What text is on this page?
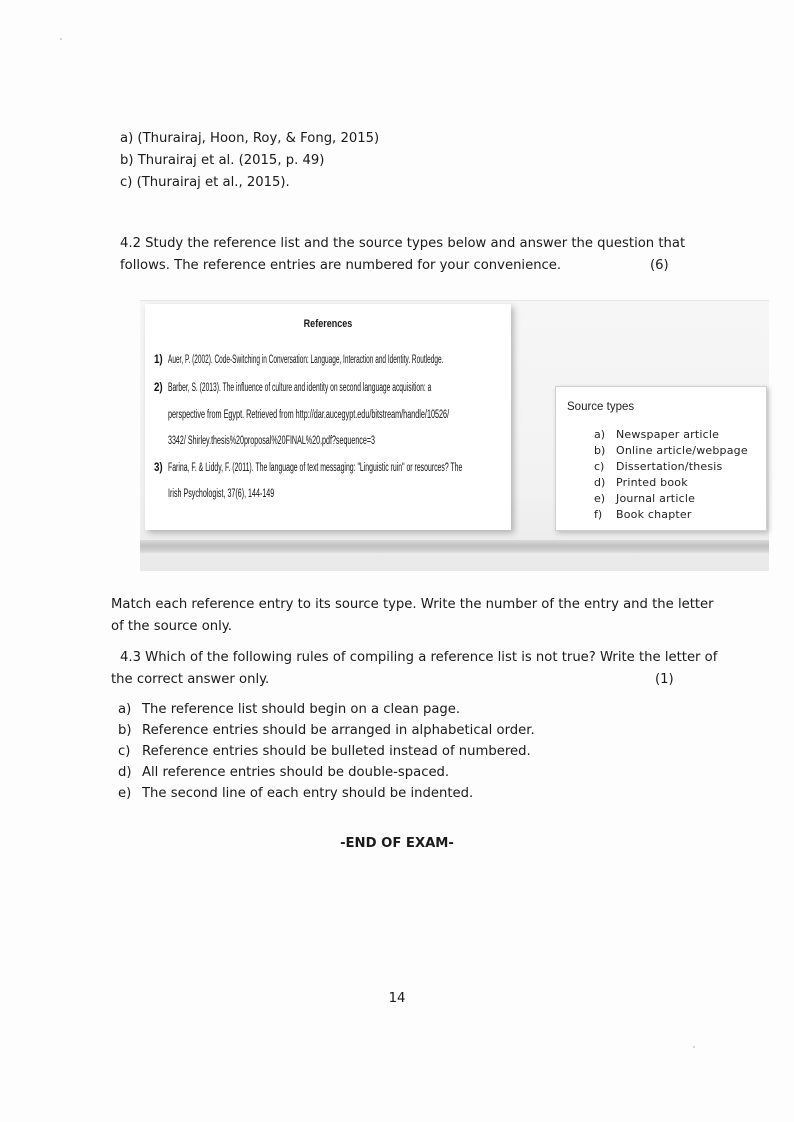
a) (Thurairaj, Hoon, Roy, & Fong, 2015)
b) Thurairaj et al. (2015, p. 49)
c) (Thurairaj et al., 2015).
4.2 Study the reference list and the source types below and answer the question that
follows. The reference entries are numbered for your convenience.	(6)
References
1) Auer, P. (2002). Code-Switching in Conversation: Language, Interaction and Identity. Routledge.
2) Barber, S. (2013). The influence of culture and identity on second language acquisition: a
perspective from Egypt. Retrieved from http://dar.aucegypt.edu/bitstream/handle/10526/
3342/ Shirley.thesis%20proposal%20FINAL%20.pdf?sequence=3
3) Farina, F. & Liddy, F. (2011). The language of text messaging: "Linguistic ruin" or resources? The
Irish Psychologist, 37(6), 144-149
Source types
a) Newspaper article
b) Online article/webpage
c) Dissertation/thesis
d) Printed book
e) Journal article
f) Book chapter
Match each reference entry to its source type. Write the number of the entry and the letter
of the source only.
4.3 Which of the following rules of compiling a reference list is not true? Write the letter of
the correct answer only.	(1)
a) The reference list should begin on a clean page.
b) Reference entries should be arranged in alphabetical order.
c) Reference entries should be bulleted instead of numbered.
d) All reference entries should be double-spaced.
e) The second line of each entry should be indented.
-END OF EXAM-
14
